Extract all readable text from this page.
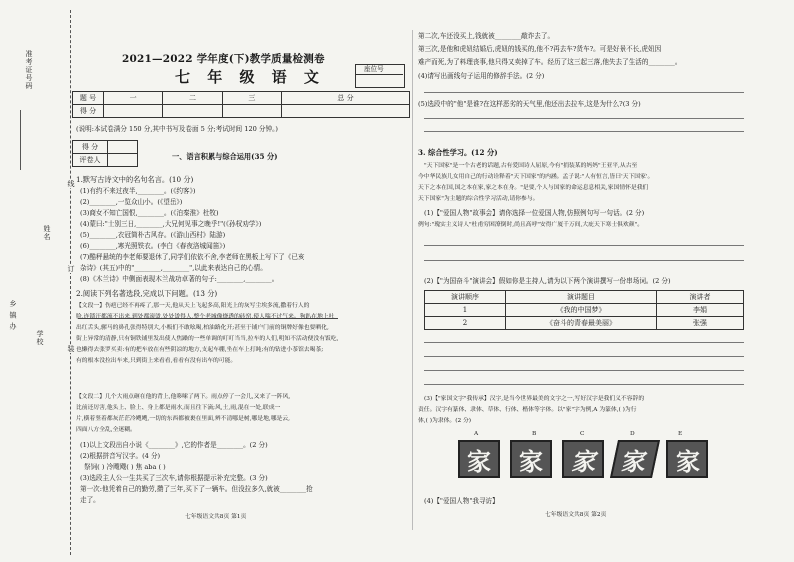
乡 镇 办
学校
姓名
准考证号码
线
订
装
2021—2022 学年度(下)教学质量检测卷
七 年 级 语 文	座位号
题 号	一	二	三	总 分
得 分				
(说明:本试卷满分 150 分,其中书写及卷面 5 分;考试时间 120 分钟。)
得 分	
评卷人		一、语言积累与综合运用(35 分)
1.默写古诗文中的名句名言。(10 分)
(1)有约不来过夜半,________。(《约客》)
(2)________,一览众山小。(《望岳》)
(3)商女不知亡国恨,________。(《泊秦淮》杜牧)
(4)蒙曰:"士别三日,________,大兄何见事之晚乎!"(《孙权劝学》)
(5)________,衣冠简朴古风存。(《游山西村》陆游)
(6)________,寒光照铁衣。(李白《春夜洛城闻笛》)
(7)酷秤悬统的李老师要退休了,同学们依依不舍,李老师在黑板上写下了《已亥
杂诗》(其五)中的"________,________",以此来表达自己的心情。
(8)《木兰诗》中侧面表现木兰战功卓著的句子:________,________。
2.阅读下列名著选段,完成以下问题。(13 分)
【文段一】伤疤已经不再疼了,那一天,他从天上飞起多高,阳光上的灰写尘埃多流,撒着行人的
脸,连锁汗都流不出来,到处都滚烫,处处烫得人,整个老城像烧透的砖窑,使人喘不过气来。狗趴在地上吐
出红舌头,骡马的鼻孔张得特别大,小贩们不敢吆喝,柏油路化开;甚至于铺户门前的铜牌好像也要晒化,
街上异常的清静,只有铜铁铺里发出使人焦躁的一些单调的叮叮当当,拉车的人们,明知不活动便没有饭吃,
也懒得去张罗买卖:有的把车放在有些阴凉的地方,支起车棚,坐在车上打盹;有的钻进小茶馆去喝茶;
有的根本没拉出车来,只到街上来看看,看看有没有出车的可能。
【文段二】几个大雨点砸在他的背上,他哆嗦了两下。雨点停了一会儿,又来了一阵风,
比前还厉害,他头上、脸上、身上都是雨水,而且往下滴;风,土,雨,混在一处,联成一
片,横着竖着都灰茫茫冷飕飕,一切的东西都被裹在里面,辨不清哪是树,哪是地,哪是云,
四面八方全乱,全迷糊。
(1)以上文段出自小说《________》,它的作者是________。(2 分)
(2)根据拼音写汉字。(4 分)
祭饲( ) 冷飕飕( ) 焦 aba ( )
(3)选段主人公一生共买了三次车,请你根据提示补充完整。(3 分)
第一次:他凭着自己的勤劳,攒了三年,买下了一辆车。但没拉多久,就被________抢
走了。
七年级语文共8页 第1页
第二次,车还没买上,钱就被________敲诈去了。
第三次,是他和虎妞结婚后,虎妞的钱买的,他不?再去车?货车?。可是好景不长,虎妞因
难产而死,为了料理丧事,他只得又卖掉了车。经历了这三起三落,他失去了生活的________。
(4)请写出画线句子运用的修辞手法。(2 分)
(5)选段中的"他"是谁?在这样恶劣的天气里,他还出去拉车,这是为什么?(3 分)
3. 综合性学习。(12 分)
"天下国家"是一个古老的话题,古有爱国诗人屈原,今有"捐装某的妈妈"王亚平,从古至
今中华民族儿女用自己的行动诠释着"天下国家"的内涵。孟子说:"人有恒言,皆曰'天下国家'。
天下之本在国,国之本在家,家之本在身。"是要,个人与国家的命运息息相关,家国情怀是我们
天下国家"为主题的综合性学习活动,请你参与。
(1)【"爱国人物"故事会】请你选择一位爱国人物,仿照例句写一句话。(2 分)
例句:"瑰实主义诗人"杜甫穷困潦倒时,尚且高呼"安得广厦千万间,大庇天下寒士俱欢颜"。
(2)【"为国奋斗"演讲会】假如你是主持人,请为以下两个演讲撰写一份串场词。(2 分)
演讲顺序	演讲题目	演讲者
1	《我的中国梦》	李娟
2	《奋斗的青春最美丽》	张强
(3)【"家国文字"我传承】汉字,是当今世界最美的文字之一,写好汉字是我们义不容辞的
责任。汉字有篆体、隶体、草体、行体、楷体等字体。以"家"字为例,A 为篆体,( )为行
体,( )为隶体。(2 分)
A	B	C	D	E
家	家	家	家	家
(4)【"爱国人物"我寻访】
七年级语文共8页 第2页
